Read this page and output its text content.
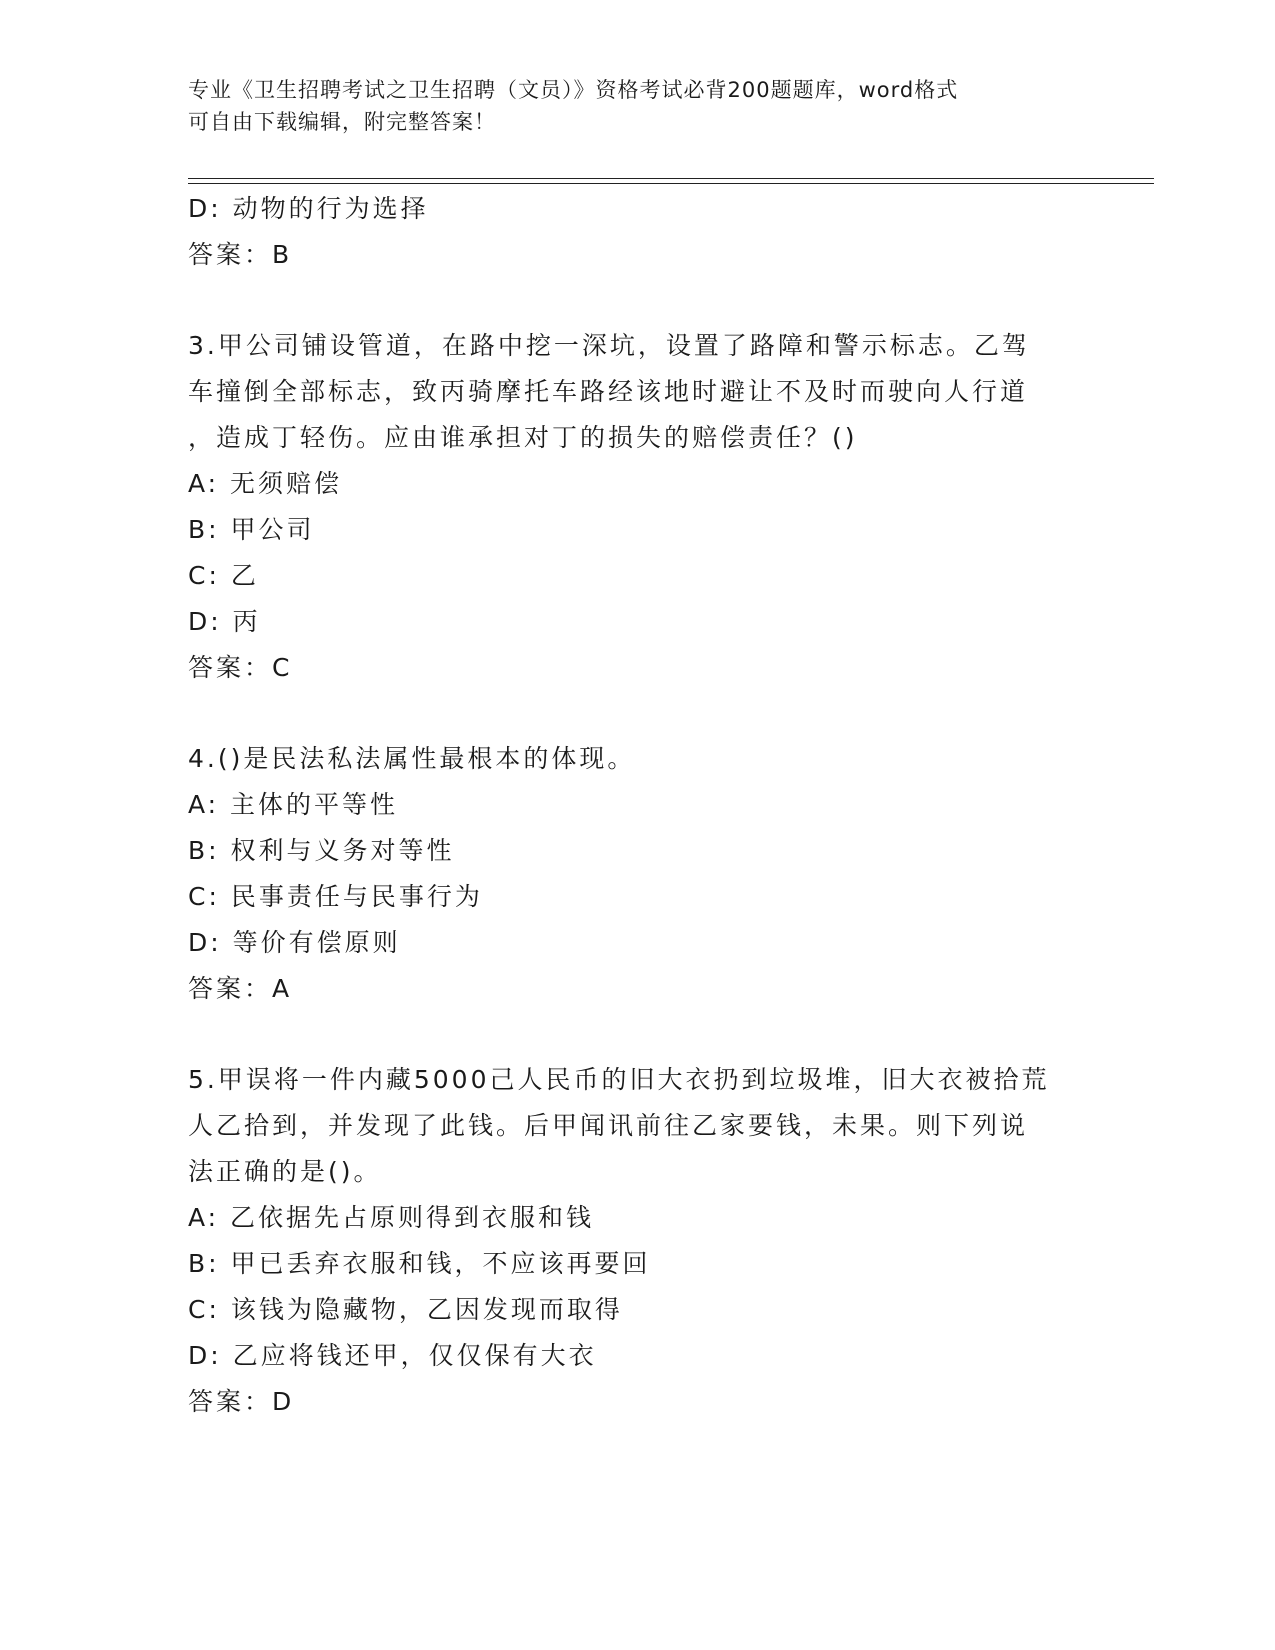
专业《卫生招聘考试之卫生招聘（文员）》资格考试必背200题题库，word格式
可自由下载编辑，附完整答案！
D: 动物的行为选择
答案：B
3.甲公司铺设管道，在路中挖一深坑，设置了路障和警示标志。乙驾
车撞倒全部标志，致丙骑摩托车路经该地时避让不及时而驶向人行道
，造成丁轻伤。应由谁承担对丁的损失的赔偿责任？()
A: 无须赔偿
B: 甲公司
C: 乙
D: 丙
答案：C
4.()是民法私法属性最根本的体现。
A: 主体的平等性
B: 权利与义务对等性
C: 民事责任与民事行为
D: 等价有偿原则
答案：A
5.甲误将一件内藏5000己人民币的旧大衣扔到垃圾堆，旧大衣被拾荒
人乙拾到，并发现了此钱。后甲闻讯前往乙家要钱，未果。则下列说
法正确的是()。
A: 乙依据先占原则得到衣服和钱
B: 甲已丢弃衣服和钱，不应该再要回
C: 该钱为隐藏物，乙因发现而取得
D: 乙应将钱还甲，仅仅保有大衣
答案：D
